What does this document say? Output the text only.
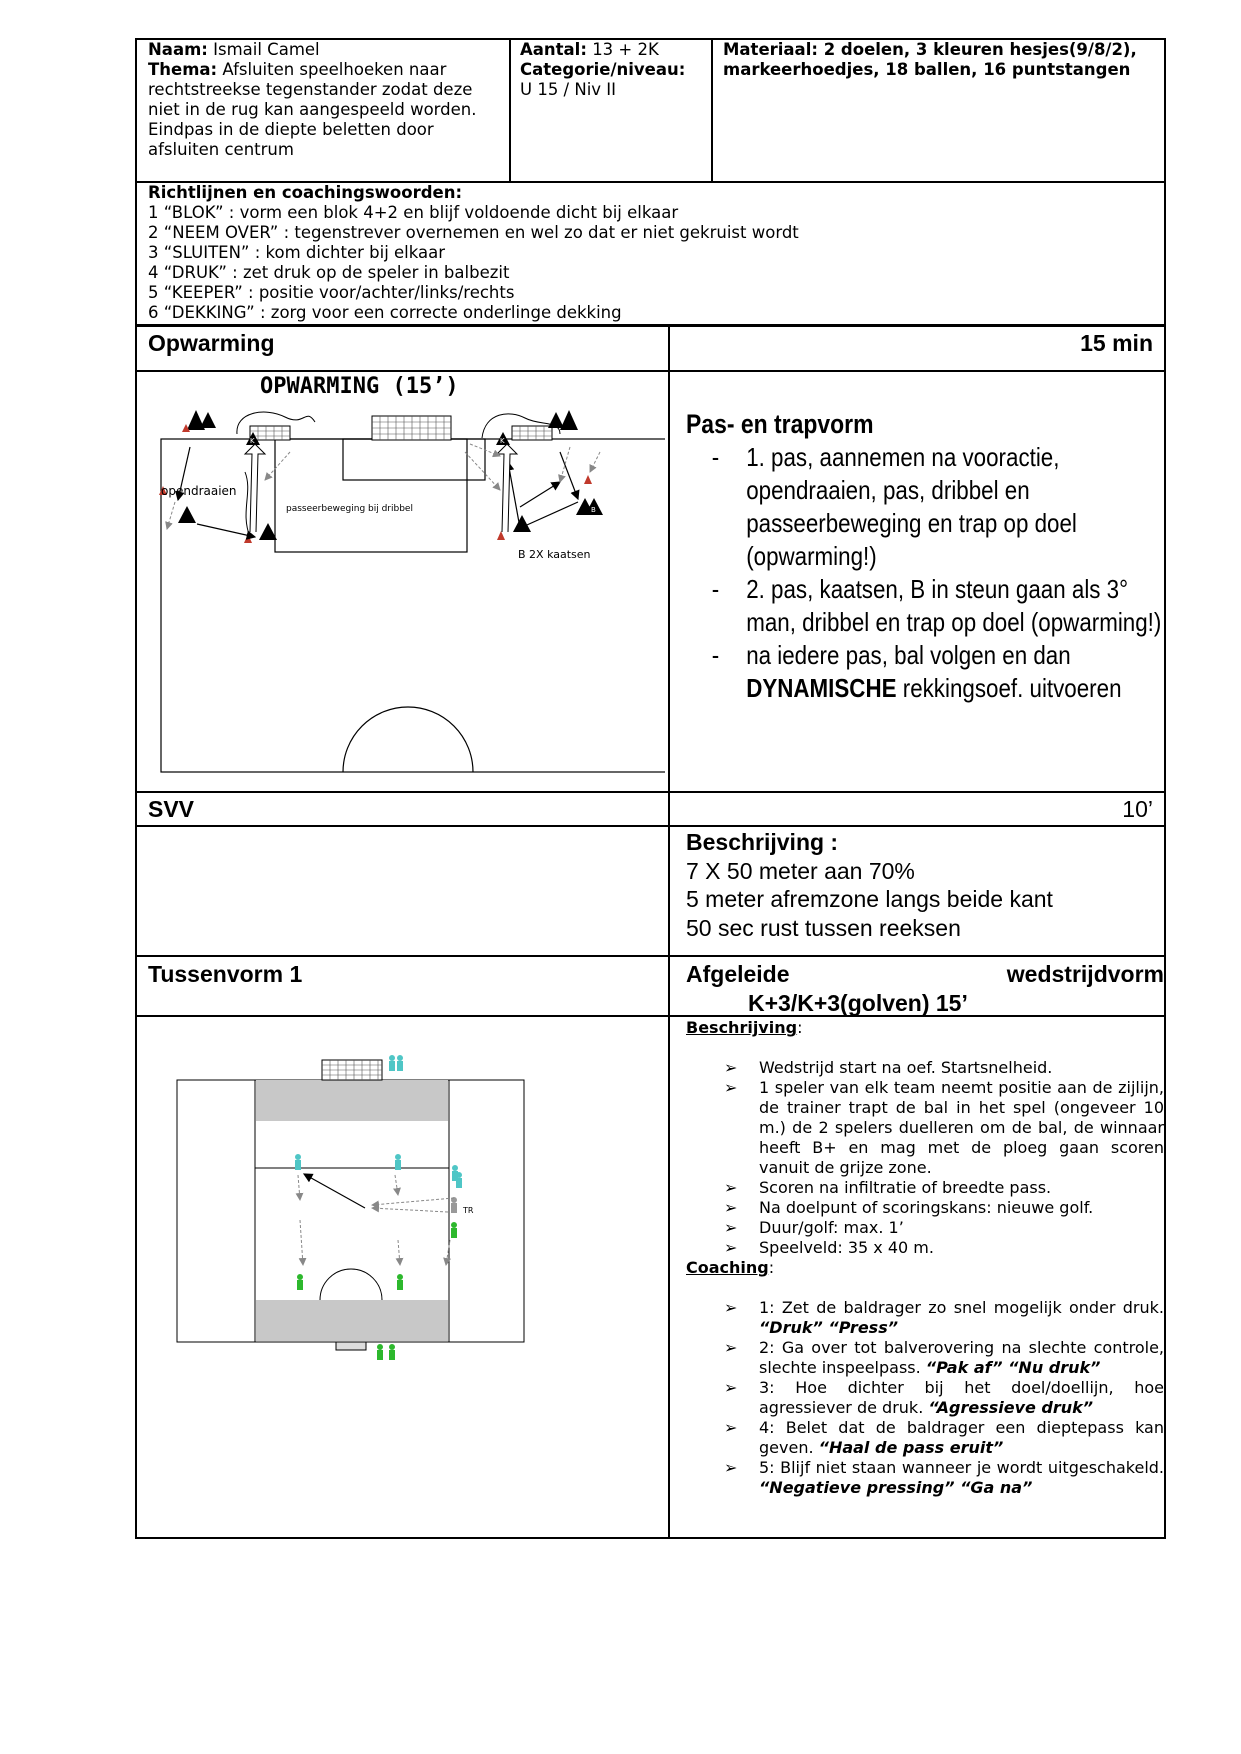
Naam: Ismail Camel
Thema: Afsluiten speelhoeken naar rechtstreekse tegenstander zodat deze niet in de rug kan aangespeeld worden. Eindpas in de diepte beletten door afsluiten centrum
Aantal: 13 + 2K
Categorie/niveau:
U 15 / Niv II
Materiaal: 2 doelen, 3 kleuren hesjes(9/8/2), markeerhoedjes, 18 ballen, 16 puntstangen
Richtlijnen en coachingswoorden:
1 “BLOK” : vorm een blok 4+2 en blijf voldoende dicht bij elkaar
2 “NEEM OVER” : tegenstrever overnemen en wel zo dat er niet gekruist wordt
3 “SLUITEN” : kom dichter bij elkaar
4 “DRUK” : zet druk op de speler in balbezit
5 “KEEPER” : positie voor/achter/links/rechts
6 “DEKKING” : zorg voor een correcte onderlinge dekking
Opwarming	15 min
K	K
B
OPWARMING (15’)
opendraaien
passeerbeweging bij dribbel
B 2X kaatsen
Pas- en trapvorm
- 1. pas, aannemen na vooractie, opendraaien, pas, dribbel en passeerbeweging en trap op doel (opwarming!)
- 2. pas, kaatsen, B in steun gaan als 3° man, dribbel en trap op doel (opwarming!)
- na iedere pas, bal volgen en dan DYNAMISCHE rekkingsoef. uitvoeren
SVV	10’
Beschrijving :
7 X 50 meter aan 70%
5 meter afremzone langs beide kant
50 sec rust tussen reeksen
Tussenvorm 1	Afgeleide	wedstrijdvorm
K+3/K+3(golven) 15’
TR
Beschrijving:
➢ Wedstrijd start na oef. Startsnelheid.
➢ 1 speler van elk team neemt positie aan de zijlijn, de trainer trapt de bal in het spel (ongeveer 10 m.) de 2 spelers duelleren om de bal, de winnaar heeft B+ en mag met de ploeg gaan scoren vanuit de grijze zone.
➢ Scoren na infiltratie of breedte pass.
➢ Na doelpunt of scoringskans: nieuwe golf.
➢ Duur/golf: max. 1’
➢ Speelveld: 35 x 40 m.
Coaching:
➢ 1: Zet de baldrager zo snel mogelijk onder druk. “Druk” “Press”
➢ 2: Ga over tot balverovering na slechte controle, slechte inspeelpass. “Pak af” “Nu druk”
➢ 3: Hoe dichter bij het doel/doellijn, hoe agressiever de druk. “Agressieve druk”
➢ 4: Belet dat de baldrager een dieptepass kan geven. “Haal de pass eruit”
➢ 5: Blijf niet staan wanneer je wordt uitgeschakeld. “Negatieve pressing” “Ga na”
